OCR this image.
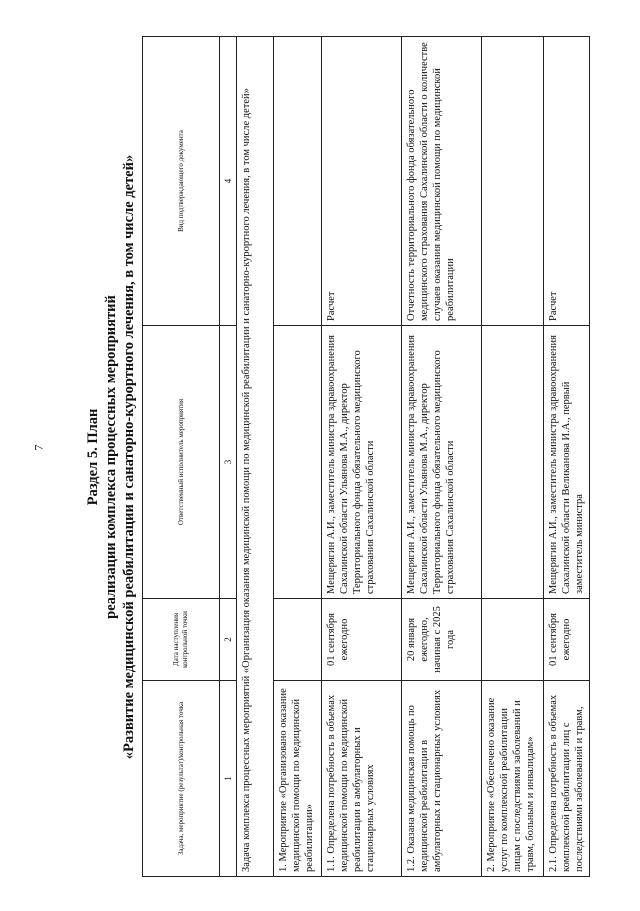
7	Раздел 5. План реализации комплекса процессных мероприятий «Развитие медицинской реабилитации и санаторно-курортного лечения, в том числе детей»
Задача, мероприятие (результат)/контрольная точка	Дата наступления контрольной точки	Ответственный исполнитель мероприятия	Вид подтверждающего документа
1	2	3	4
Задача комплекса процессных мероприятий «Организация оказания медицинской помощи по медицинской реабилитации и санаторно-курортного лечения, в том числе детей»			
1. Мероприятие «Организовано оказание медицинской помощи по медицинской реабилитации»			
1.1. Определена потребность в объемах медицинской помощи по медицинской реабилитации в амбулаторных и стационарных условиях	01 сентября ежегодно	Мещерягин А.И., заместитель министра здравоохранения Сахалинской области Ульянова М.А., директор Территориального фонда обязательного медицинского страхования Сахалинской области	Расчет
1.2. Оказана медицинская помощь по медицинской реабилитации в амбулаторных и стационарных условиях	20 января ежегодно, начиная с 2025 года	Мещерягин А.И., заместитель министра здравоохранения Сахалинской области Ульянова М.А., директор Территориального фонда обязательного медицинского страхования Сахалинской области	Отчетность территориального фонда обязательного медицинского страхования Сахалинской области о количестве случаев оказания медицинской помощи по медицинской реабилитации
2. Мероприятие «Обеспечено оказание услуг по комплексной реабилитации лицам с последствиями заболеваний и травм, больным и инвалидам»			
2.1. Определена потребность в объемах комплексной реабилитации лиц с последствиями заболеваний и травм,	01 сентября ежегодно	Мещерягин А.И., заместитель министра здравоохранения Сахалинской области Великанова И.А., первый заместитель министра	Расчет
